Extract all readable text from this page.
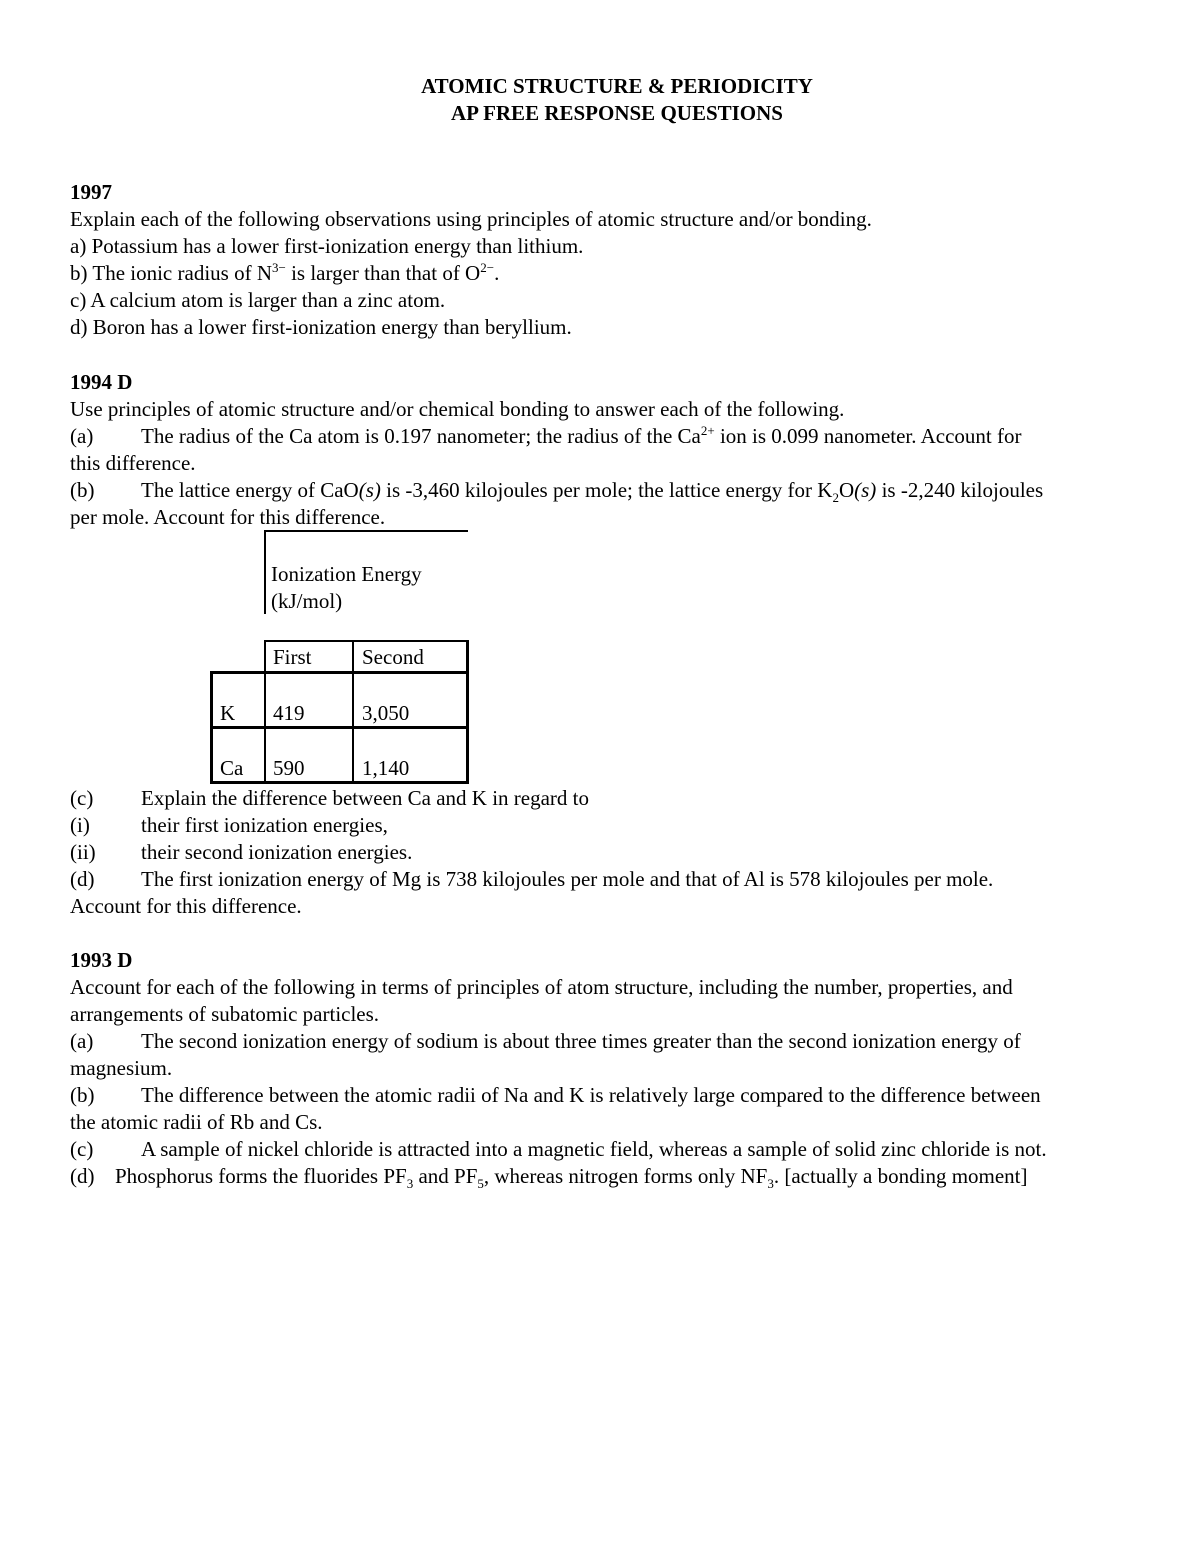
ATOMIC STRUCTURE & PERIODICITY
AP FREE RESPONSE QUESTIONS
1997
Explain each of the following observations using principles of atomic structure and/or bonding.
a) Potassium has a lower first-ionization energy than lithium.
b) The ionic radius of $N^{3-}$ is larger than that of $O^{2-}$.
c) A calcium atom is larger than a zinc atom.
d) Boron has a lower first-ionization energy than beryllium.
1994 D
Use principles of atomic structure and/or chemical bonding to answer each of the following.
(a) The radius of the Ca atom is 0.197 nanometer; the radius of the $Ca^{2+}$ ion is 0.099 nanometer. Account for
this difference.
(b) The lattice energy of CaO(s) is -3,460 kilojoules per mole; the lattice energy for $K_2O(s)$ is -2,240 kilojoules
per mole. Account for this difference.
Ionization Energy
(kJ/mol)
First Second
K 419	3,050
Ca 590	1,140
(c) Explain the difference between Ca and K in regard to
(i) their first ionization energies,
(ii) their second ionization energies.
(d) The first ionization energy of Mg is 738 kilojoules per mole and that of Al is 578 kilojoules per mole.
Account for this difference.
1993 D
Account for each of the following in terms of principles of atom structure, including the number, properties, and
arrangements of subatomic particles.
(a) The second ionization energy of sodium is about three times greater than the second ionization energy of
magnesium.
(b) The difference between the atomic radii of Na and K is relatively large compared to the difference between
the atomic radii of Rb and Cs.
(c) A sample of nickel chloride is attracted into a magnetic field, whereas a sample of solid zinc chloride is not.
(d) Phosphorus forms the fluorides $PF_3$ and $PF_5$, whereas nitrogen forms only $NF_3$. [actually a bonding moment]
